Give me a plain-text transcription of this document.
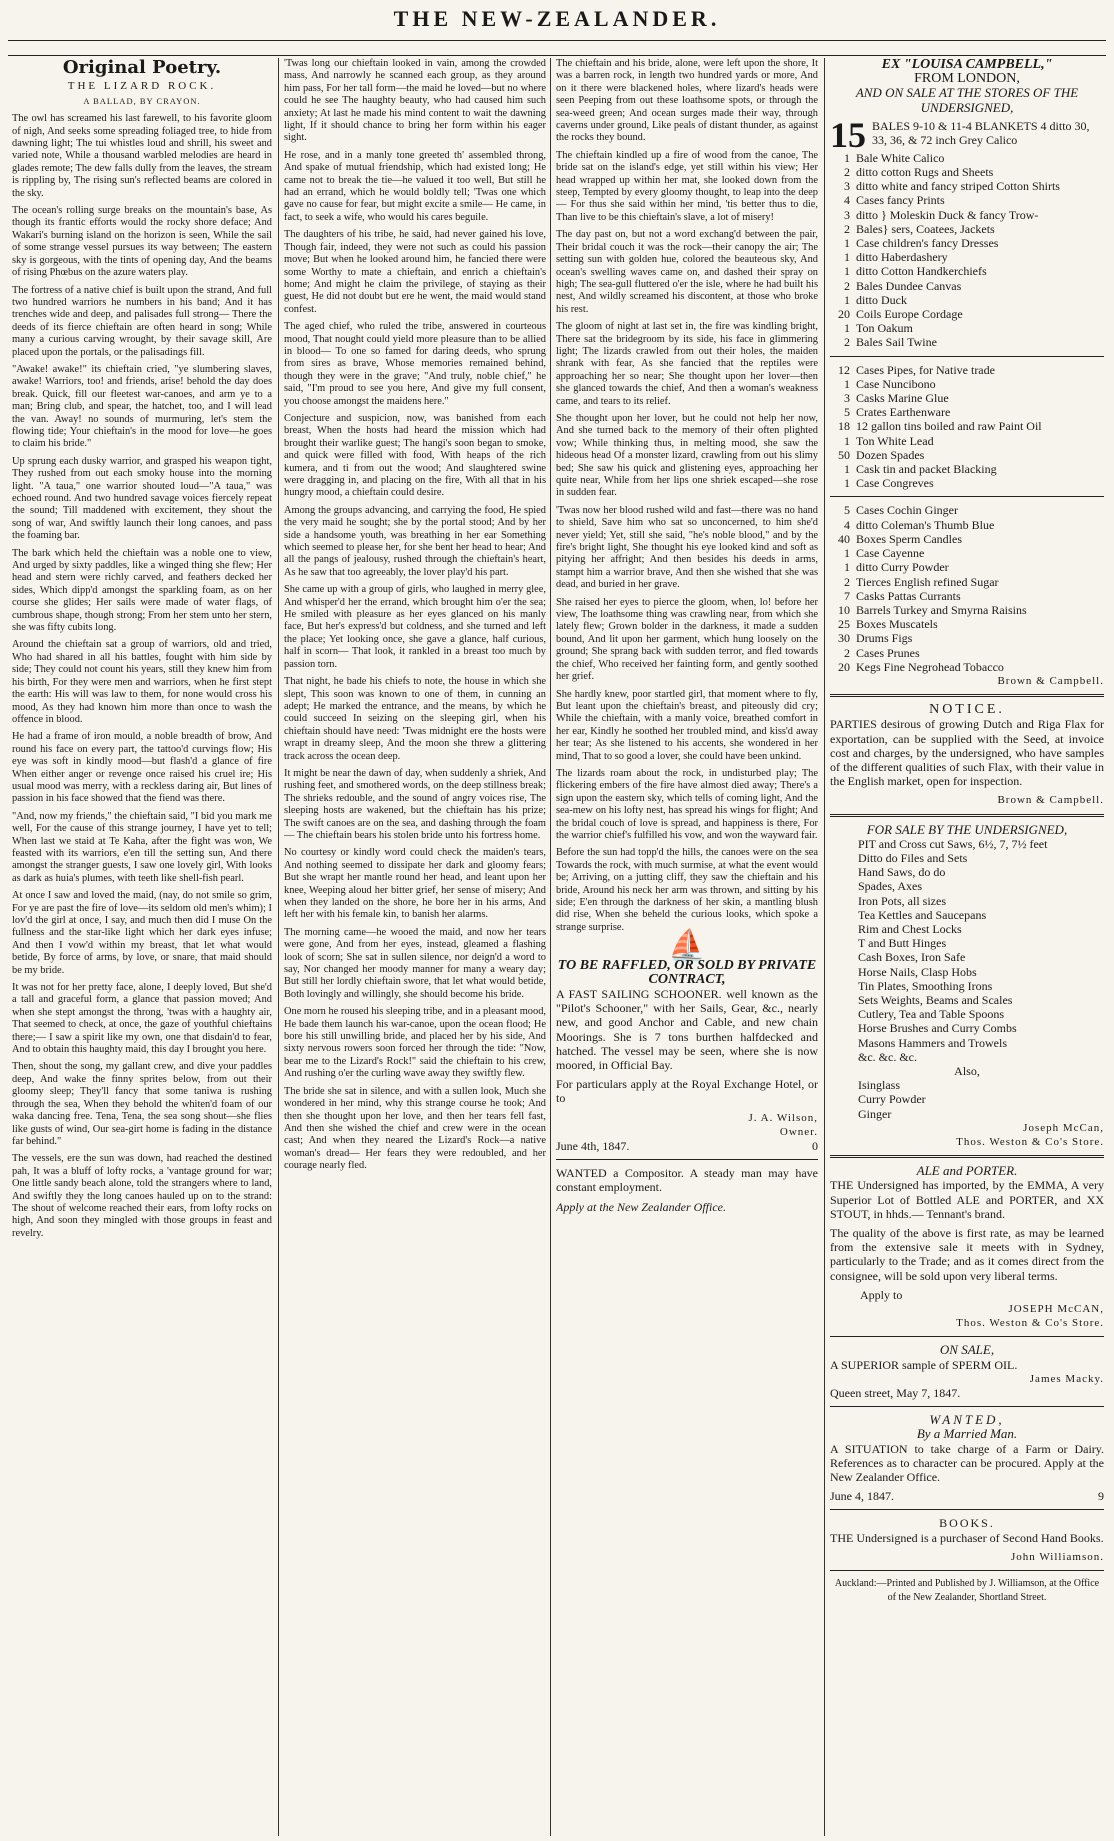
THE NEW-ZEALANDER.
Original Poetry.
THE LIZARD ROCK.
A BALLAD, BY CRAYON.

The owl has screamed his last farewell, to his favorite gloom of nigh, And seeks some spreading foliaged tree, to hide from dawning light; The tui whistles loud and shrill, his sweet and varied note, While a thousand warbled melodies are heard in glades remote; The dew falls dully from the leaves, the stream is rippling by, The rising sun's reflected beams are colored in the sky.

The ocean's rolling surge breaks on the mountain's base, As though its frantic efforts would the rocky shore deface; And Wakari's burning island on the horizon is seen, While the sail of some strange vessel pursues its way between; The eastern sky is gorgeous, with the tints of opening day, And the beams of rising Phœbus on the azure waters play.

The fortress of a native chief is built upon the strand, And full two hundred warriors he numbers in his band; And it has trenches wide and deep, and palisades full strong— There the deeds of its fierce chieftain are often heard in song; While many a curious carving wrought, by their savage skill, Are placed upon the portals, or the palisadings fill.

"Awake! awake!" its chieftain cried, "ye slumbering slaves, awake! Warriors, too! and friends, arise! behold the day does break. Quick, fill our fleetest war-canoes, and arm ye to a man; Bring club, and spear, the hatchet, too, and I will lead the van. Away! no sounds of murmuring, let's stem the flowing tide; Your chieftain's in the mood for love—he goes to claim his bride."

Up sprung each dusky warrior, and grasped his weapon tight, They rushed from out each smoky house into the morning light. "A taua," one warrior shouted loud—"A taua," was echoed round. And two hundred savage voices fiercely repeat the sound; Till maddened with excitement, they shout the song of war, And swiftly launch their long canoes, and pass the foaming bar.

The bark which held the chieftain was a noble one to view, And urged by sixty paddles, like a winged thing she flew; Her head and stern were richly carved, and feathers decked her sides, Which dipp'd amongst the sparkling foam, as on her course she glides; Her sails were made of water flags, of cumbrous shape, though strong; From her stem unto her stern, she was fifty cubits long.

Around the chieftain sat a group of warriors, old and tried, Who had shared in all his battles, fought with him side by side; They could not count his years, still they knew him from his birth, For they were men and warriors, when he first stept the earth: His will was law to them, for none would cross his mood, As they had known him more than once to wash the offence in blood.

He had a frame of iron mould, a noble breadth of brow, And round his face on every part, the tattoo'd curvings flow; His eye was soft in kindly mood—but flash'd a glance of fire When either anger or revenge once raised his cruel ire; His usual mood was merry, with a reckless daring air, But lines of passion in his face showed that the fiend was there.

"And, now my friends," the chieftain said, "I bid you mark me well, For the cause of this strange journey, I have yet to tell; When last we staid at Te Kaha, after the fight was won, We feasted with its warriors, e'en till the setting sun, And there amongst the stranger guests, I saw one lovely girl, With looks as dark as huia's plumes, with teeth like shell-fish pearl.

At once I saw and loved the maid, (nay, do not smile so grim, For ye are past the fire of love—its seldom old men's whim); I lov'd the girl at once, I say, and much then did I muse On the fullness and the star-like light which her dark eyes infuse; And then I vow'd within my breast, that let what would betide, By force of arms, by love, or snare, that maid should be my bride.

It was not for her pretty face, alone, I deeply loved, But she'd a tall and graceful form, a glance that passion moved; And when she stept amongst the throng, 'twas with a haughty air, That seemed to check, at once, the gaze of youthful chieftains there;— I saw a spirit like my own, one that disdain'd to fear, And to obtain this haughty maid, this day I brought you here.

Then, shout the song, my gallant crew, and dive your paddles deep, And wake the finny sprites below, from out their gloomy sleep; They'll fancy that some taniwa is rushing through the sea, When they behold the whiten'd foam of our waka dancing free. Tena, Tena, the sea song shout—she flies like gusts of wind, Our sea-girt home is fading in the distance far behind."

The vessels, ere the sun was down, had reached the destined pah, It was a bluff of lofty rocks, a 'vantage ground for war; One little sandy beach alone, told the strangers where to land, And swiftly they the long canoes hauled up on to the strand: The shout of welcome reached their ears, from lofty rocks on high, And soon they mingled with those groups in feast and revelry.

'Twas long our chieftain looked in vain, among the crowded mass, And narrowly he scanned each group, as they around him pass, For her tall form—the maid he loved—but no where could he see The haughty beauty, who had caused him such anxiety; At last he made his mind content to wait the dawning light, If it should chance to bring her form within his eager sight.

He rose, and in a manly tone greeted th' assembled throng, And spake of mutual friendship, which had existed long; He came not to break the tie—he valued it too well, But still he had an errand, which he would boldly tell; 'Twas one which gave no cause for fear, but might excite a smile— He came, in fact, to seek a wife, who would his cares beguile.

The daughters of his tribe, he said, had never gained his love, Though fair, indeed, they were not such as could his passion move; But when he looked around him, he fancied there were some Worthy to mate a chieftain, and enrich a chieftain's home; And might he claim the privilege, of staying as their guest, He did not doubt but ere he went, the maid would stand confest.

The aged chief, who ruled the tribe, answered in courteous mood, That nought could yield more pleasure than to be allied in blood— To one so famed for daring deeds, who sprung from sires as brave, Whose memories remained behind, though they were in the grave; "And truly, noble chief," he said, "I'm proud to see you here, And give my full consent, you choose amongst the maidens here."

Conjecture and suspicion, now, was banished from each breast, When the hosts had heard the mission which had brought their warlike guest; The hangi's soon began to smoke, and quick were filled with food, With heaps of the rich kumera, and ti from out the wood; And slaughtered swine were dragging in, and placing on the fire, With all that in his hungry mood, a chieftain could desire.

Among the groups advancing, and carrying the food, He spied the very maid he sought; she by the portal stood; And by her side a handsome youth, was breathing in her ear Something which seemed to please her, for she bent her head to hear; And all the pangs of jealousy, rushed through the chieftain's heart, As he saw that too agreeably, the lover play'd his part.

She came up with a group of girls, who laughed in merry glee, And whisper'd her the errand, which brought him o'er the sea; He smiled with pleasure as her eyes glanced on his manly face, But her's express'd but coldness, and she turned and left the place; Yet looking once, she gave a glance, half curious, half in scorn— That look, it rankled in a breast too much by passion torn.

That night, he bade his chiefs to note, the house in which she slept, This soon was known to one of them, in cunning an adept; He marked the entrance, and the means, by which he could succeed In seizing on the sleeping girl, when his chieftain should have need: 'Twas midnight ere the hosts were wrapt in dreamy sleep, And the moon she threw a glittering track across the ocean deep.

It might be near the dawn of day, when suddenly a shriek, And rushing feet, and smothered words, on the deep stillness break; The shrieks redouble, and the sound of angry voices rise, The sleeping hosts are wakened, but the chieftain has his prize; The swift canoes are on the sea, and dashing through the foam— The chieftain bears his stolen bride unto his fortress home.

No courtesy or kindly word could check the maiden's tears, And nothing seemed to dissipate her dark and gloomy fears; But she wrapt her mantle round her head, and leant upon her knee, Weeping aloud her bitter grief, her sense of misery; And when they landed on the shore, he bore her in his arms, And left her with his female kin, to banish her alarms.

The morning came—he wooed the maid, and now her tears were gone, And from her eyes, instead, gleamed a flashing look of scorn; She sat in sullen silence, nor deign'd a word to say, Nor changed her moody manner for many a weary day; But still her lordly chieftain swore, that let what would betide, Both lovingly and willingly, she should become his bride.

One morn he roused his sleeping tribe, and in a pleasant mood, He bade them launch his war-canoe, upon the ocean flood; He bore his still unwilling bride, and placed her by his side, And sixty nervous rowers soon forced her through the tide: "Now, bear me to the Lizard's Rock!" said the chieftain to his crew, And rushing o'er the curling wave away they swiftly flew.

The bride she sat in silence, and with a sullen look, Much she wondered in her mind, why this strange course he took; And then she thought upon her love, and then her tears fell fast, And then she wished the chief and crew were in the ocean cast; And when they neared the Lizard's Rock—a native woman's dread— Her fears they were redoubled, and her courage nearly fled.

The chieftain and his bride, alone, were left upon the shore, It was a barren rock, in length two hundred yards or more, And on it there were blackened holes, where lizard's heads were seen Peeping from out these loathsome spots, or through the sea-weed green; And ocean surges made their way, through caverns under ground, Like peals of distant thunder, as against the rocks they bound.

The chieftain kindled up a fire of wood from the canoe, The bride sat on the island's edge, yet still within his view; Her head wrapped up within her mat, she looked down from the steep, Tempted by every gloomy thought, to leap into the deep— For thus she said within her mind, 'tis better thus to die, Than live to be this chieftain's slave, a lot of misery!

The day past on, but not a word exchang'd between the pair, Their bridal couch it was the rock—their canopy the air; The setting sun with golden hue, colored the beauteous sky, And ocean's swelling waves came on, and dashed their spray on high; The sea-gull fluttered o'er the isle, where he had built his nest, And wildly screamed his discontent, at those who broke his rest.

The gloom of night at last set in, the fire was kindling bright, There sat the bridegroom by its side, his face in glimmering light; The lizards crawled from out their holes, the maiden shrank with fear, As she fancied that the reptiles were approaching her so near; She thought upon her lover—then she glanced towards the chief, And then a woman's weakness came, and tears to its relief.

She thought upon her lover, but he could not help her now, And she turned back to the memory of their often plighted vow; While thinking thus, in melting mood, she saw the hideous head Of a monster lizard, crawling from out his slimy bed; She saw his quick and glistening eyes, approaching her quite near, While from her lips one shriek escaped—she rose in sudden fear.

'Twas now her blood rushed wild and fast—there was no hand to shield, Save him who sat so unconcerned, to him she'd never yield; Yet, still she said, "he's noble blood," and by the fire's bright light, She thought his eye looked kind and soft as pitying her affright; And then besides his deeds in arms, stampt him a warrior brave, And then she wished that she was dead, and buried in her grave.

She raised her eyes to pierce the gloom, when, lo! before her view, The loathsome thing was crawling near, from which she lately flew; Grown bolder in the darkness, it made a sudden bound, And lit upon her garment, which hung loosely on the ground; She sprang back with sudden terror, and fled towards the chief, Who received her fainting form, and gently soothed her grief.

She hardly knew, poor startled girl, that moment where to fly, But leant upon the chieftain's breast, and piteously did cry; While the chieftain, with a manly voice, breathed comfort in her ear, Kindly he soothed her troubled mind, and kiss'd away her tear; As she listened to his accents, she wondered in her mind, That to so good a lover, she could have been unkind.

The lizards roam about the rock, in undisturbed play; The flickering embers of the fire have almost died away; There's a sign upon the eastern sky, which tells of coming light, And the sea-mew on his lofty nest, has spread his wings for flight; And the bridal couch of love is spread, and happiness is there, For the warrior chief's fulfilled his vow, and won the wayward fair.

Before the sun had topp'd the hills, the canoes were on the sea Towards the rock, with much surmise, at what the event would be; Arriving, on a jutting cliff, they saw the chieftain and his bride, Around his neck her arm was thrown, and sitting by his side; E'en through the darkness of her skin, a mantling blush did rise, When she beheld the curious looks, which spoke a strange surprise.

⛵
TO BE RAFFLED, OR SOLD BY PRIVATE CONTRACT,

A FAST SAILING SCHOONER. well known as the "Pilot's Schooner," with her Sails, Gear, &c., nearly new, and good Anchor and Cable, and new chain Moorings. She is 7 tons burthen halfdecked and hatched. The vessel may be seen, where she is now moored, in Official Bay.

For particulars apply at the Royal Exchange Hotel, or to

J. A. Wilson,
Owner.
June 4th, 1847.	0

WANTED a Compositor. A steady man may have constant employment.

Apply at the New Zealander Office.

EX "LOUISA CAMPBELL,"
FROM LONDON,
AND ON SALE AT THE STORES OF THE UNDERSIGNED,
15 BALES 9-10 & 11-4 BLANKETS 4 ditto 30, 33, 36, & 72 inch Grey Calico
1 Bale White Calico
2 ditto cotton Rugs and Sheets
3 ditto white and fancy striped Cotton Shirts
4 Cases fancy Prints
3 ditto } Moleskin Duck & fancy Trow-
2 Bales} sers, Coatees, Jackets
1 Case children's fancy Dresses
1 ditto Haberdashery
1 ditto Cotton Handkerchiefs
2 Bales Dundee Canvas
1 ditto Duck
20 Coils Europe Cordage
1 Ton Oakum
2 Bales Sail Twine
12 Cases Pipes, for Native trade
1 Case Nuncibono
3 Casks Marine Glue
5 Crates Earthenware
18 12 gallon tins boiled and raw Paint Oil
1 Ton White Lead
50 Dozen Spades
1 Cask tin and packet Blacking
1 Case Congreves
5 Cases Cochin Ginger
4 ditto Coleman's Thumb Blue
40 Boxes Sperm Candles
1 Case Cayenne
1 ditto Curry Powder
2 Tierces English refined Sugar
7 Casks Pattas Currants
10 Barrels Turkey and Smyrna Raisins
25 Boxes Muscatels
30 Drums Figs
2 Cases Prunes
20 Kegs Fine Negrohead Tobacco
Brown & Campbell.
NOTICE.

PARTIES desirous of growing Dutch and Riga Flax for exportation, can be supplied with the Seed, at invoice cost and charges, by the undersigned, who have samples of the different qualities of such Flax, with their value in the English market, open for inspection.

Brown & Campbell.
FOR SALE BY THE UNDERSIGNED,
PIT and Cross cut Saws, 6½, 7, 7½ feet
Ditto do Files and Sets
Hand Saws, do do
Spades, Axes
Iron Pots, all sizes
Tea Kettles and Saucepans
Rim and Chest Locks
T and Butt Hinges
Cash Boxes, Iron Safe
Horse Nails, Clasp Hobs
Tin Plates, Smoothing Irons
Sets Weights, Beams and Scales
Cutlery, Tea and Table Spoons
Horse Brushes and Curry Combs
Masons Hammers and Trowels
&c. &c. &c.
Also,
Isinglass
Curry Powder
Ginger
Joseph McCan,
Thos. Weston & Co's Store.
ALE and PORTER.

THE Undersigned has imported, by the EMMA, A very Superior Lot of Bottled ALE and PORTER, and XX STOUT, in hhds.— Tennant's brand.

The quality of the above is first rate, as may be learned from the extensive sale it meets with in Sydney, particularly to the Trade; and as it comes direct from the consignee, will be sold upon very liberal terms.

Apply to
JOSEPH McCAN,
Thos. Weston & Co's Store.
ON SALE,
A SUPERIOR sample of SPERM OIL.
James Macky.
Queen street, May 7, 1847.
WANTED,
By a Married Man.

A SITUATION to take charge of a Farm or Dairy. References as to character can be procured. Apply at the New Zealander Office.

June 4, 1847.	9
BOOKS.

THE Undersigned is a purchaser of Second Hand Books.

John Williamson.
Auckland:—Printed and Published by J. Williamson, at the Office of the New Zealander, Shortland Street.
